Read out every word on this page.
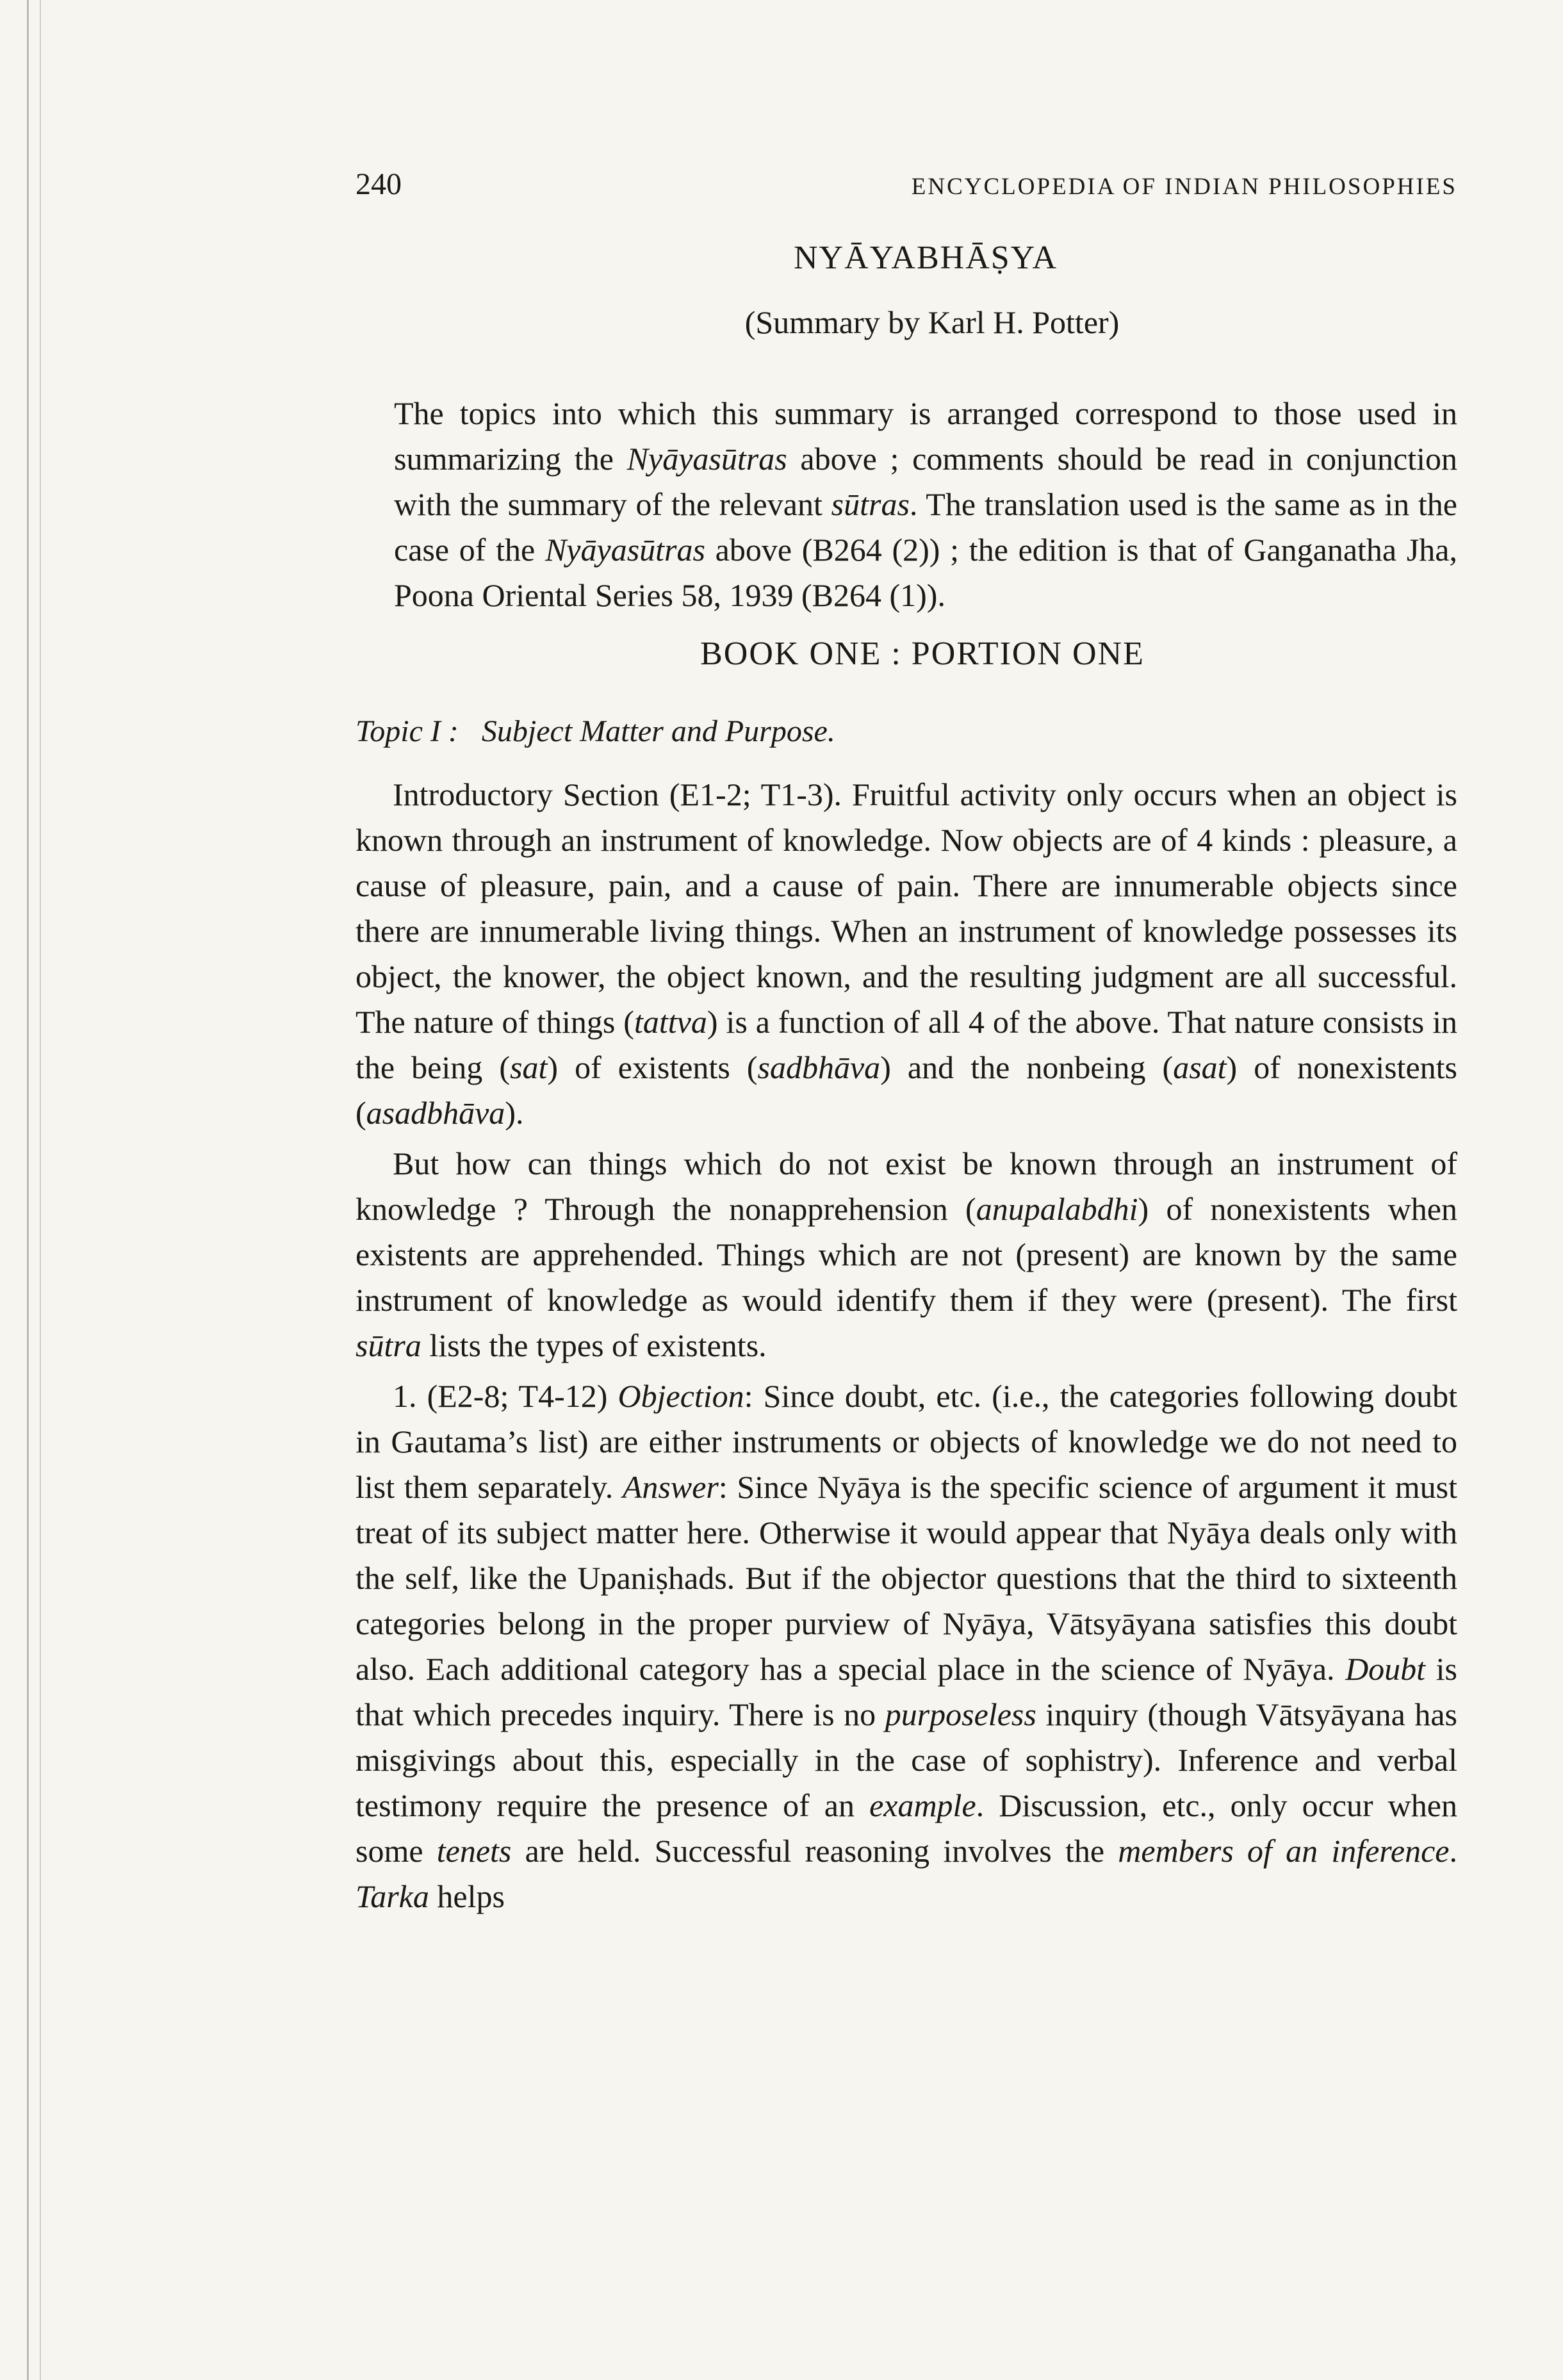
240	ENCYCLOPEDIA OF INDIAN PHILOSOPHIES
NYĀYABHĀṢYA
(Summary by Karl H. Potter)

The topics into which this summary is arranged correspond to those used in summarizing the Nyāyasūtras above ; comments should be read in conjunction with the summary of the relevant sūtras. The translation used is the same as in the case of the Nyāyasūtras above (B264 (2)) ; the edition is that of Ganganatha Jha, Poona Oriental Series 58, 1939 (B264 (1)).

BOOK ONE : PORTION ONE
Topic I : Subject Matter and Purpose.

Introductory Section (E1-2; T1-3). Fruitful activity only occurs when an object is known through an instrument of knowledge. Now objects are of 4 kinds : pleasure, a cause of pleasure, pain, and a cause of pain. There are innumerable objects since there are innumerable living things. When an instrument of knowledge possesses its object, the knower, the object known, and the resulting judgment are all successful. The nature of things (tattva) is a function of all 4 of the above. That nature consists in the being (sat) of existents (sadbhāva) and the nonbeing (asat) of nonexistents (asadbhāva).

But how can things which do not exist be known through an instrument of knowledge ? Through the nonapprehension (anupalabdhi) of nonexistents when existents are apprehended. Things which are not (present) are known by the same instrument of knowledge as would identify them if they were (present). The first sūtra lists the types of existents.

1. (E2-8; T4-12) Objection: Since doubt, etc. (i.e., the categories following doubt in Gautama’s list) are either instruments or objects of knowledge we do not need to list them separately. Answer: Since Nyāya is the specific science of argument it must treat of its subject matter here. Otherwise it would appear that Nyāya deals only with the self, like the Upaniṣhads. But if the objector questions that the third to sixteenth categories belong in the proper purview of Nyāya, Vātsyāyana satisfies this doubt also. Each additional category has a special place in the science of Nyāya. Doubt is that which precedes inquiry. There is no purposeless inquiry (though Vātsyāyana has misgivings about this, especially in the case of sophistry). Inference and verbal testimony require the presence of an example. Discussion, etc., only occur when some tenets are held. Successful reasoning involves the members of an inference. Tarka helps
